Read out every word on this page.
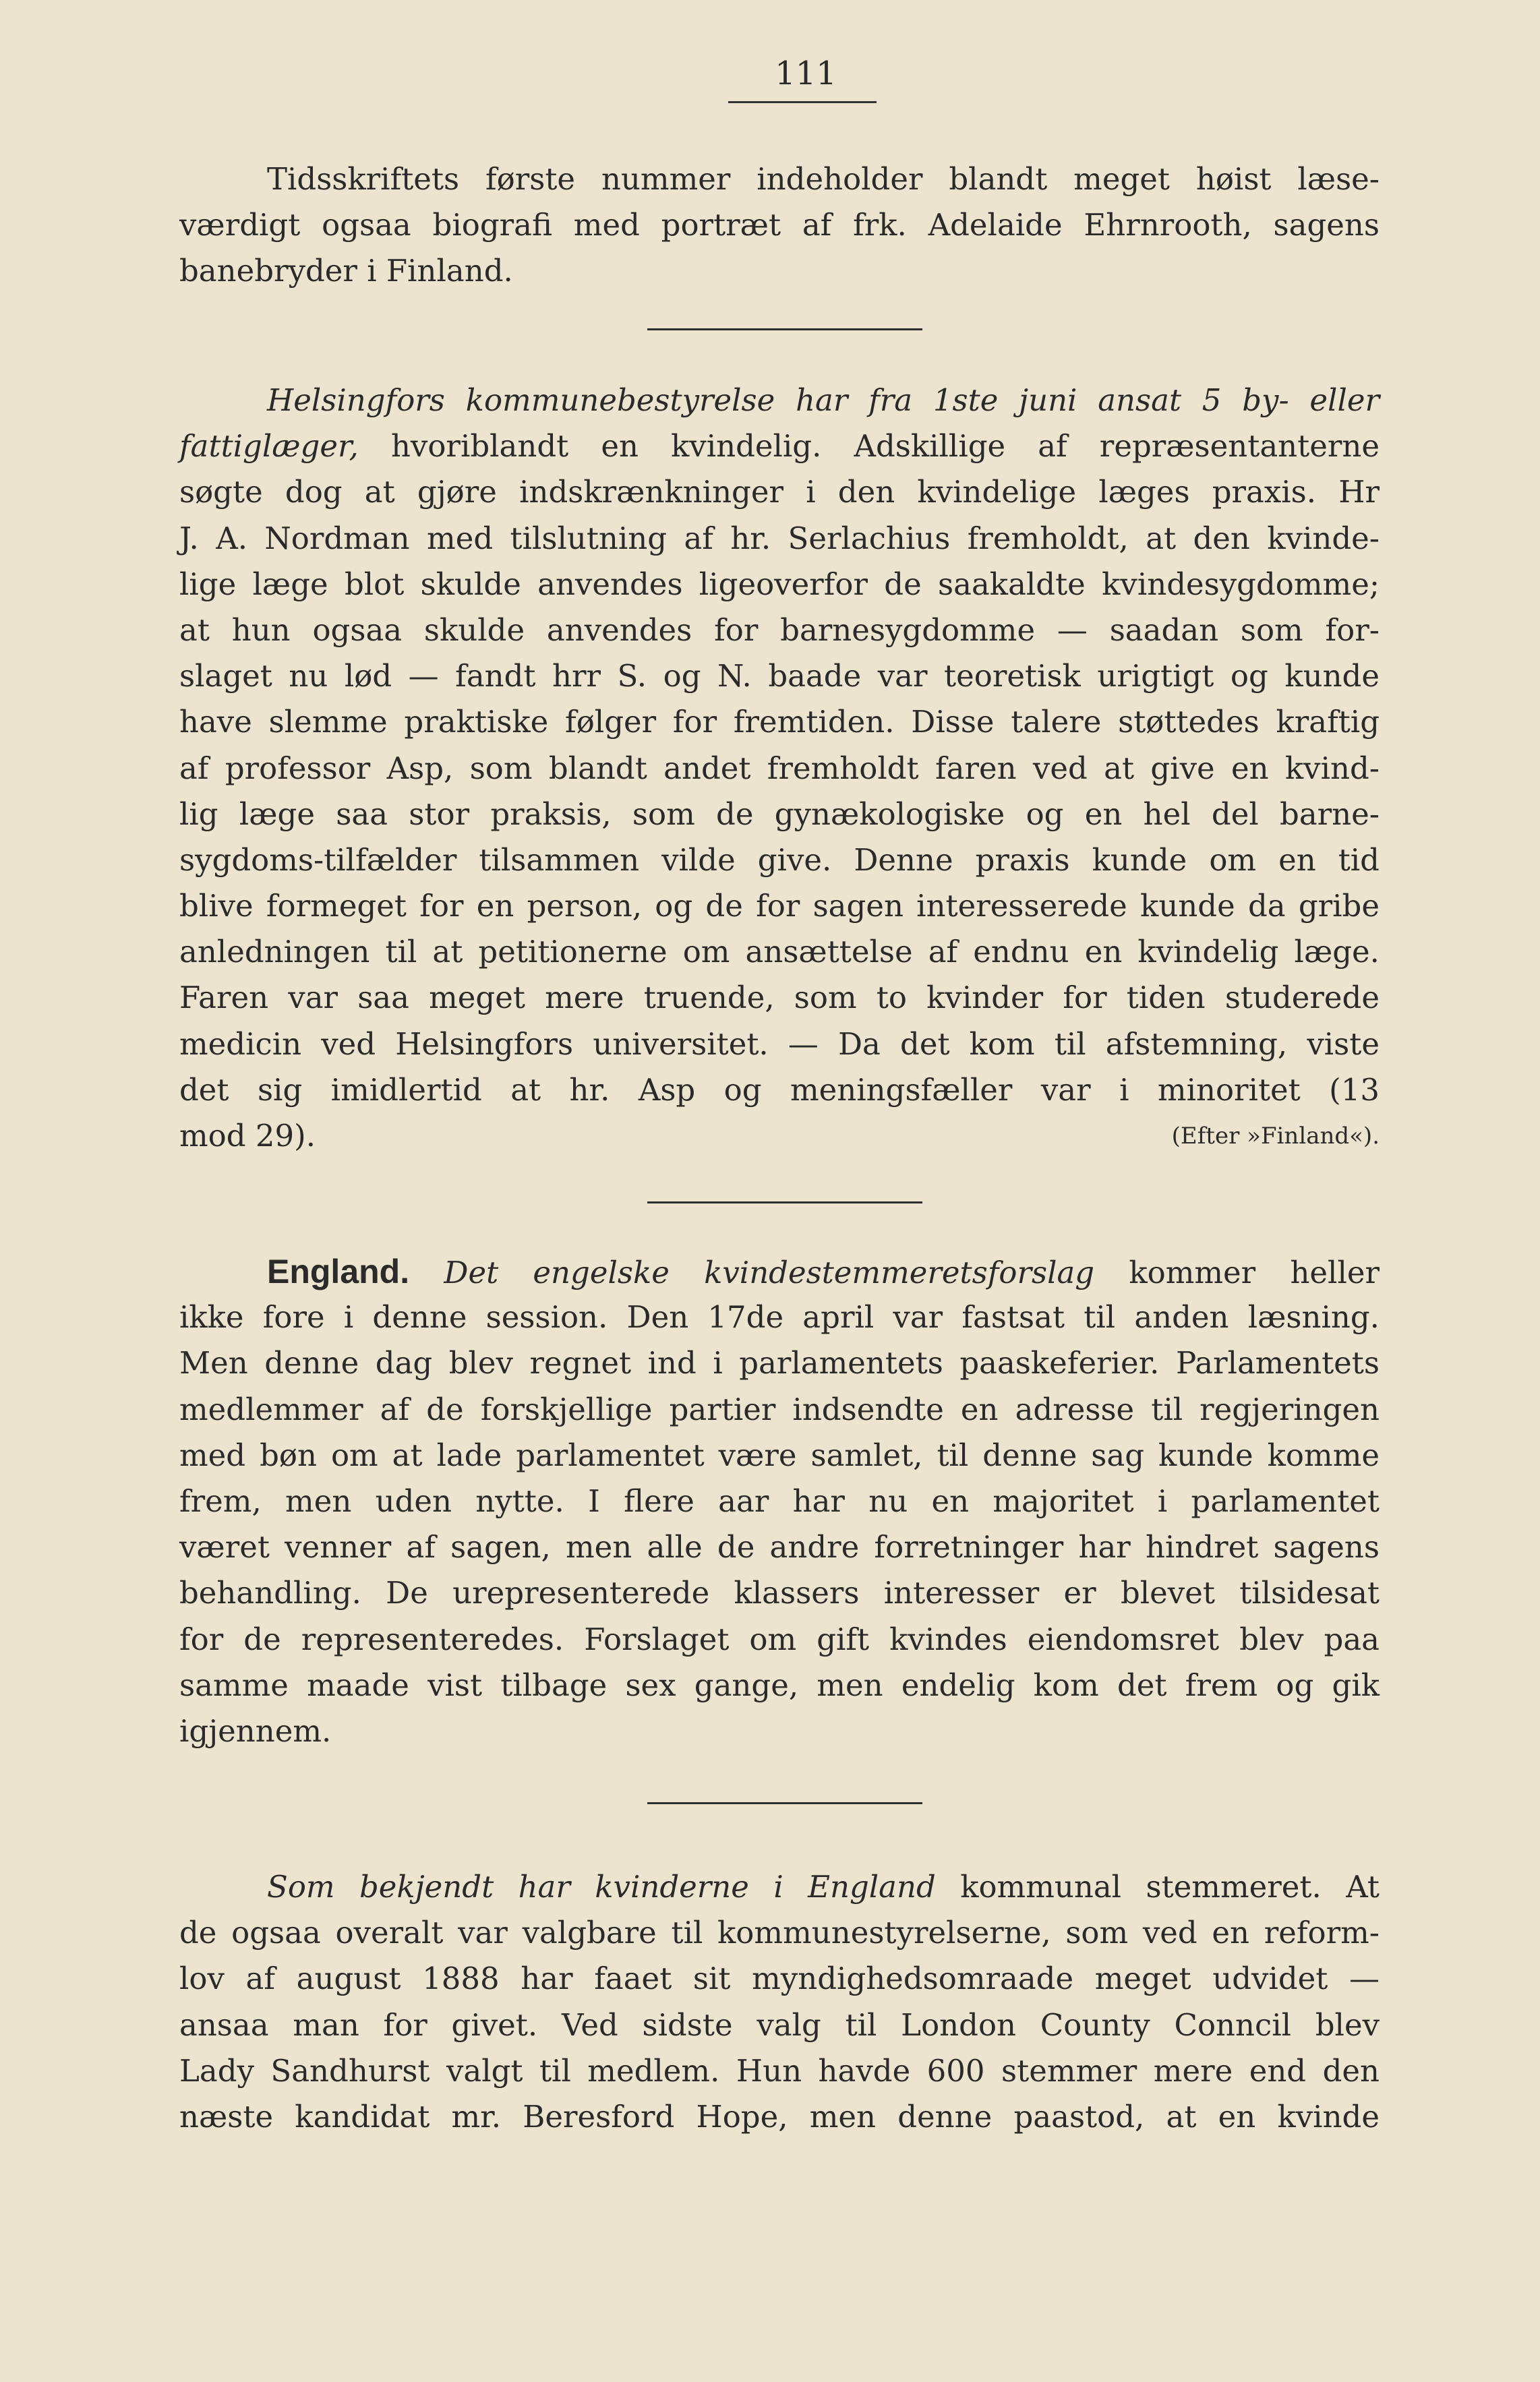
111
Tidsskriftets første nummer indeholder blandt meget høist læse-
værdigt ogsaa biografi med portræt af frk. Adelaide Ehrnrooth, sagens
banebryder i Finland.
Helsingfors kommunebestyrelse har fra 1ste juni ansat 5 by- eller
fattiglæger, hvoriblandt en kvindelig. Adskillige af repræsentanterne
søgte dog at gjøre indskrænkninger i den kvindelige læges praxis. Hr
J. A. Nordman med tilslutning af hr. Serlachius fremholdt, at den kvinde-
lige læge blot skulde anvendes ligeoverfor de saakaldte kvindesygdomme;
at hun ogsaa skulde anvendes for barnesygdomme — saadan som for-
slaget nu lød — fandt hrr S. og N. baade var teoretisk urigtigt og kunde
have slemme praktiske følger for fremtiden. Disse talere støttedes kraftig
af professor Asp, som blandt andet fremholdt faren ved at give en kvind-
lig læge saa stor praksis, som de gynækologiske og en hel del barne-
sygdoms-tilfælder tilsammen vilde give. Denne praxis kunde om en tid
blive formeget for en person, og de for sagen interesserede kunde da gribe
anledningen til at petitionerne om ansættelse af endnu en kvindelig læge.
Faren var saa meget mere truende, som to kvinder for tiden studerede
medicin ved Helsingfors universitet. — Da det kom til afstemning, viste
det sig imidlertid at hr. Asp og meningsfæller var i minoritet (13
mod 29).	(Efter »Finland«).
England. Det engelske kvindestemmeretsforslag kommer heller
ikke fore i denne session. Den 17de april var fastsat til anden læsning.
Men denne dag blev regnet ind i parlamentets paaskeferier. Parlamentets
medlemmer af de forskjellige partier indsendte en adresse til regjeringen
med bøn om at lade parlamentet være samlet, til denne sag kunde komme
frem, men uden nytte. I flere aar har nu en majoritet i parlamentet
været venner af sagen, men alle de andre forretninger har hindret sagens
behandling. De urepresenterede klassers interesser er blevet tilsidesat
for de representeredes. Forslaget om gift kvindes eiendomsret blev paa
samme maade vist tilbage sex gange, men endelig kom det frem og gik
igjennem.
Som bekjendt har kvinderne i England kommunal stemmeret. At
de ogsaa overalt var valgbare til kommunestyrelserne, som ved en reform-
lov af august 1888 har faaet sit myndighedsomraade meget udvidet —
ansaa man for givet. Ved sidste valg til London County Conncil blev
Lady Sandhurst valgt til medlem. Hun havde 600 stemmer mere end den
næste kandidat mr. Beresford Hope, men denne paastod, at en kvinde
